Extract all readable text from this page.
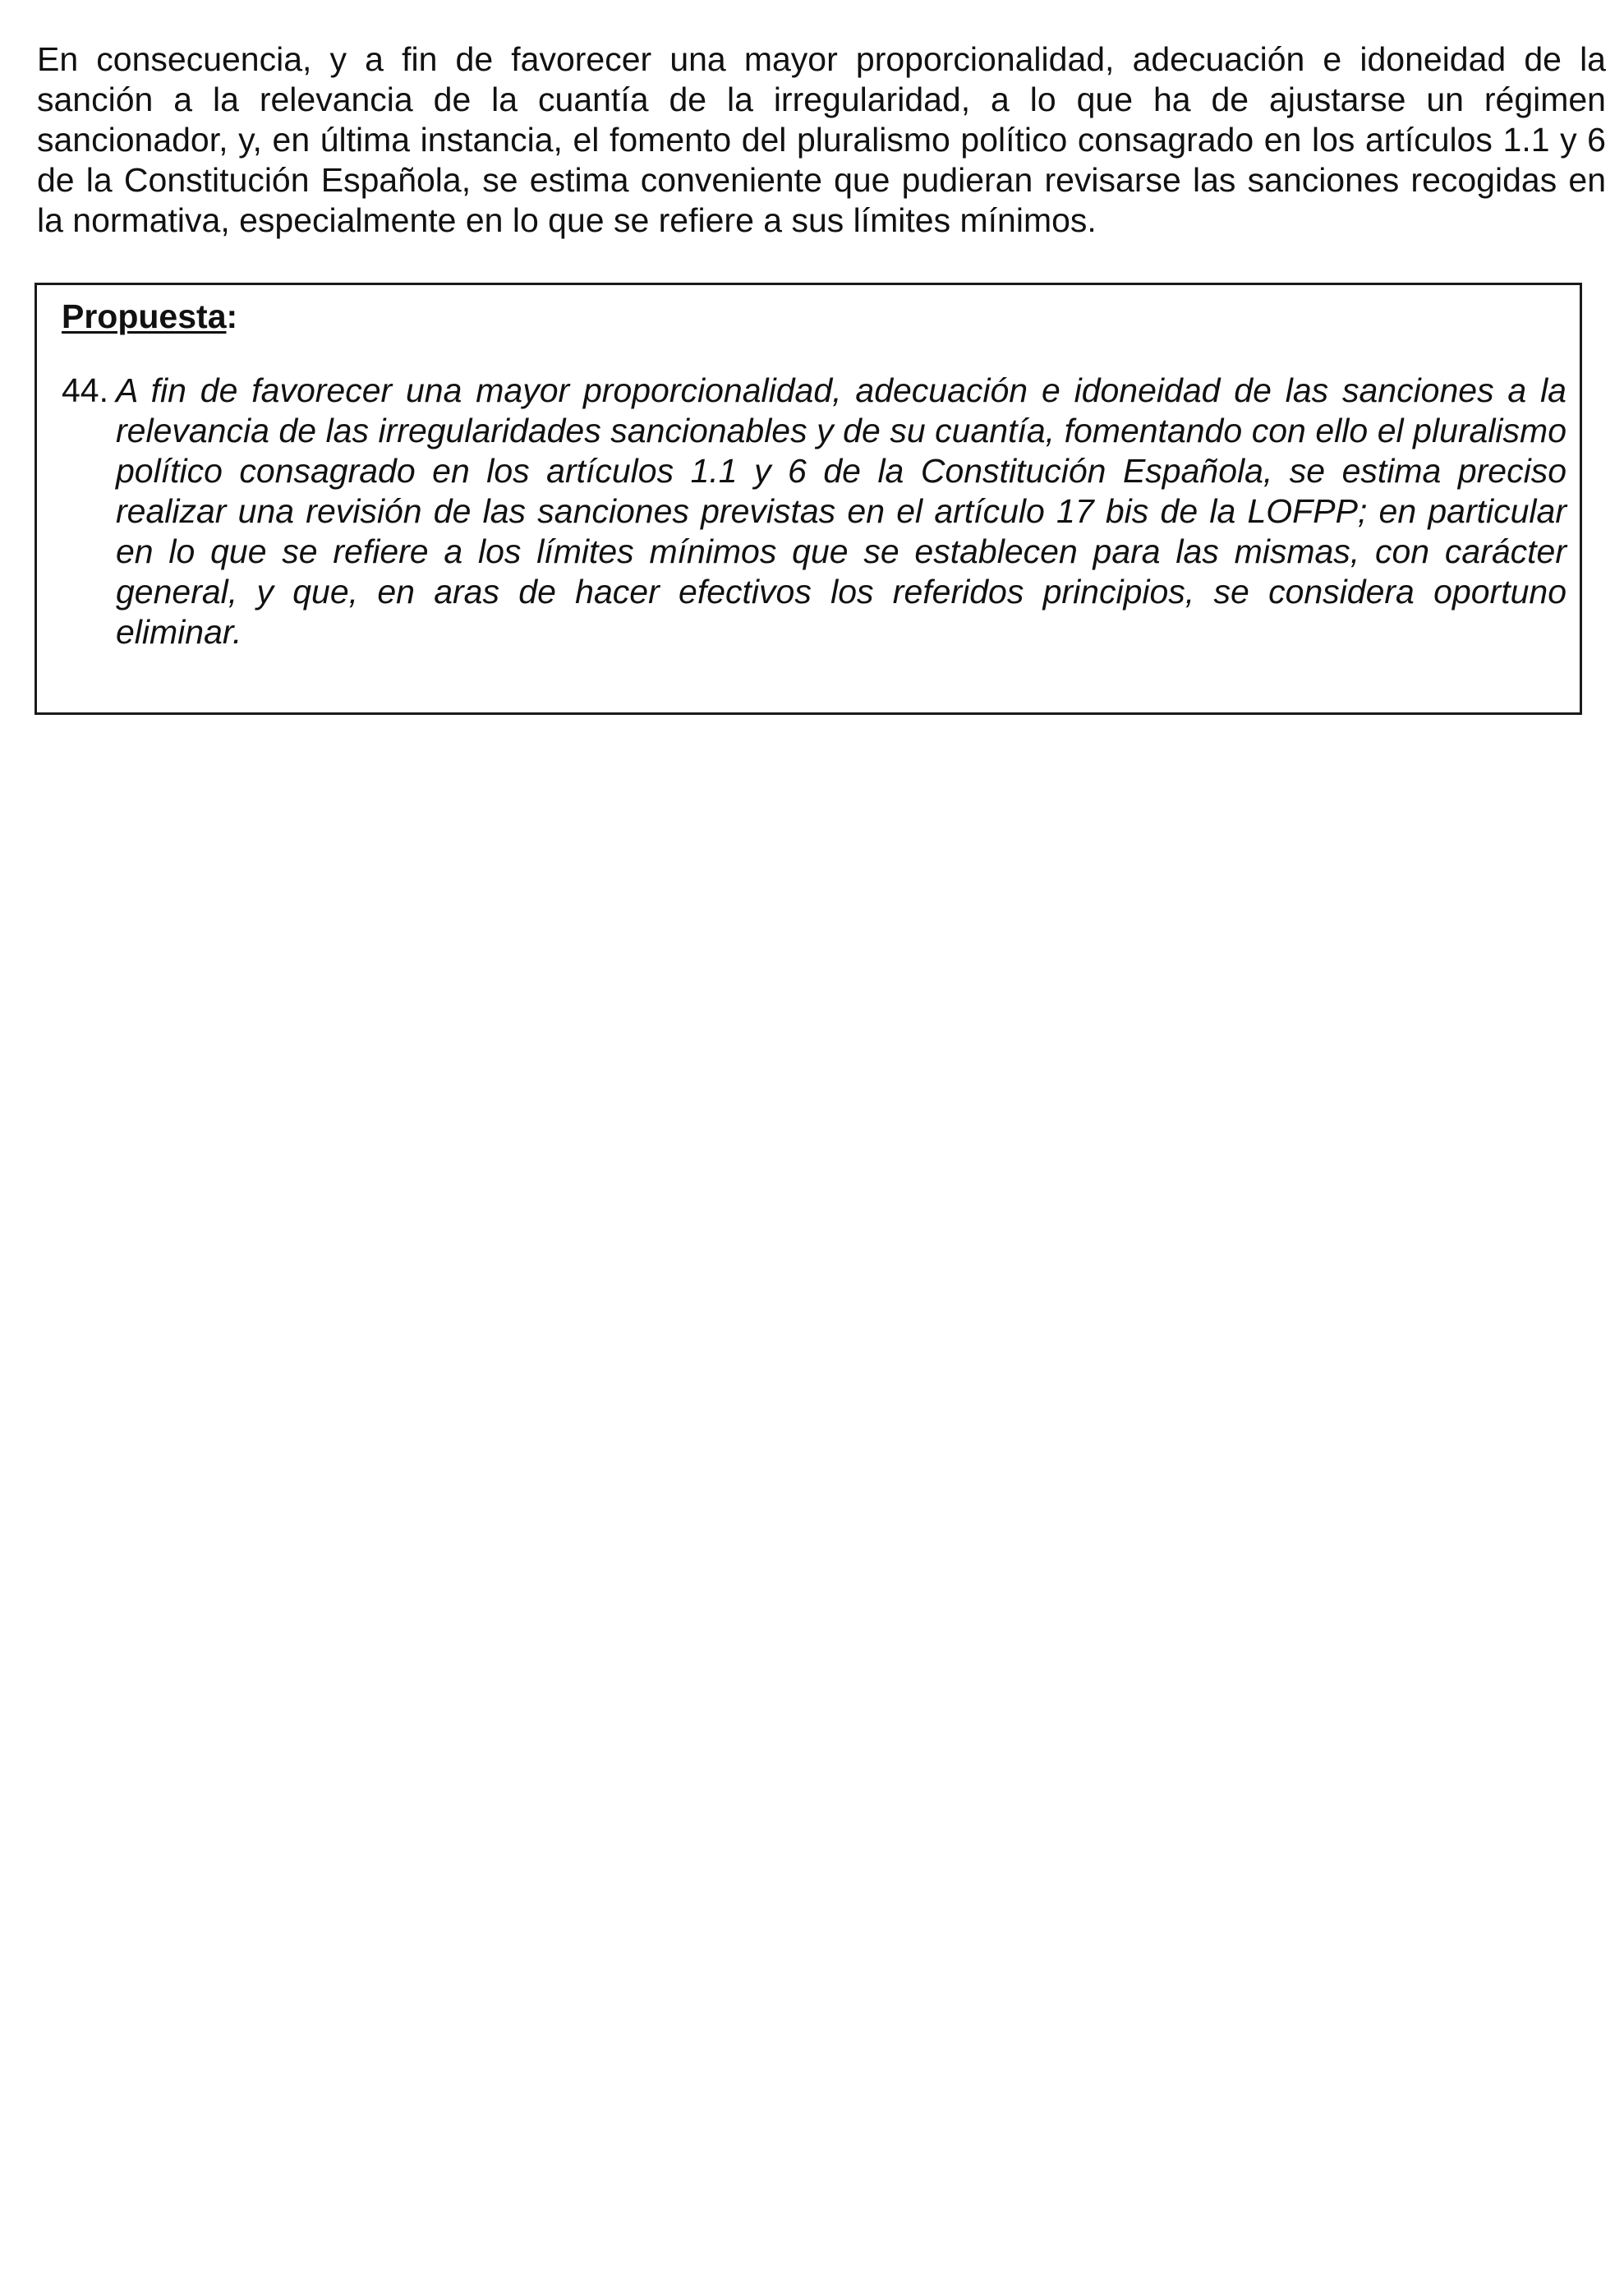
En consecuencia, y a fin de favorecer una mayor proporcionalidad, adecuación e idoneidad de la sanción a la relevancia de la cuantía de la irregularidad, a lo que ha de ajustarse un régimen sancionador, y, en última instancia, el fomento del pluralismo político consagrado en los artículos 1.1 y 6 de la Constitución Española, se estima conveniente que pudieran revisarse las sanciones recogidas en la normativa, especialmente en lo que se refiere a sus límites mínimos.

Propuesta:

44. A fin de favorecer una mayor proporcionalidad, adecuación e idoneidad de las sanciones a la relevancia de las irregularidades sancionables y de su cuantía, fomentando con ello el pluralismo político consagrado en los artículos 1.1 y 6 de la Constitución Española, se estima preciso realizar una revisión de las sanciones previstas en el artículo 17 bis de la LOFPP; en particular en lo que se refiere a los límites mínimos que se establecen para las mismas, con carácter general, y que, en aras de hacer efectivos los referidos principios, se considera oportuno eliminar.
